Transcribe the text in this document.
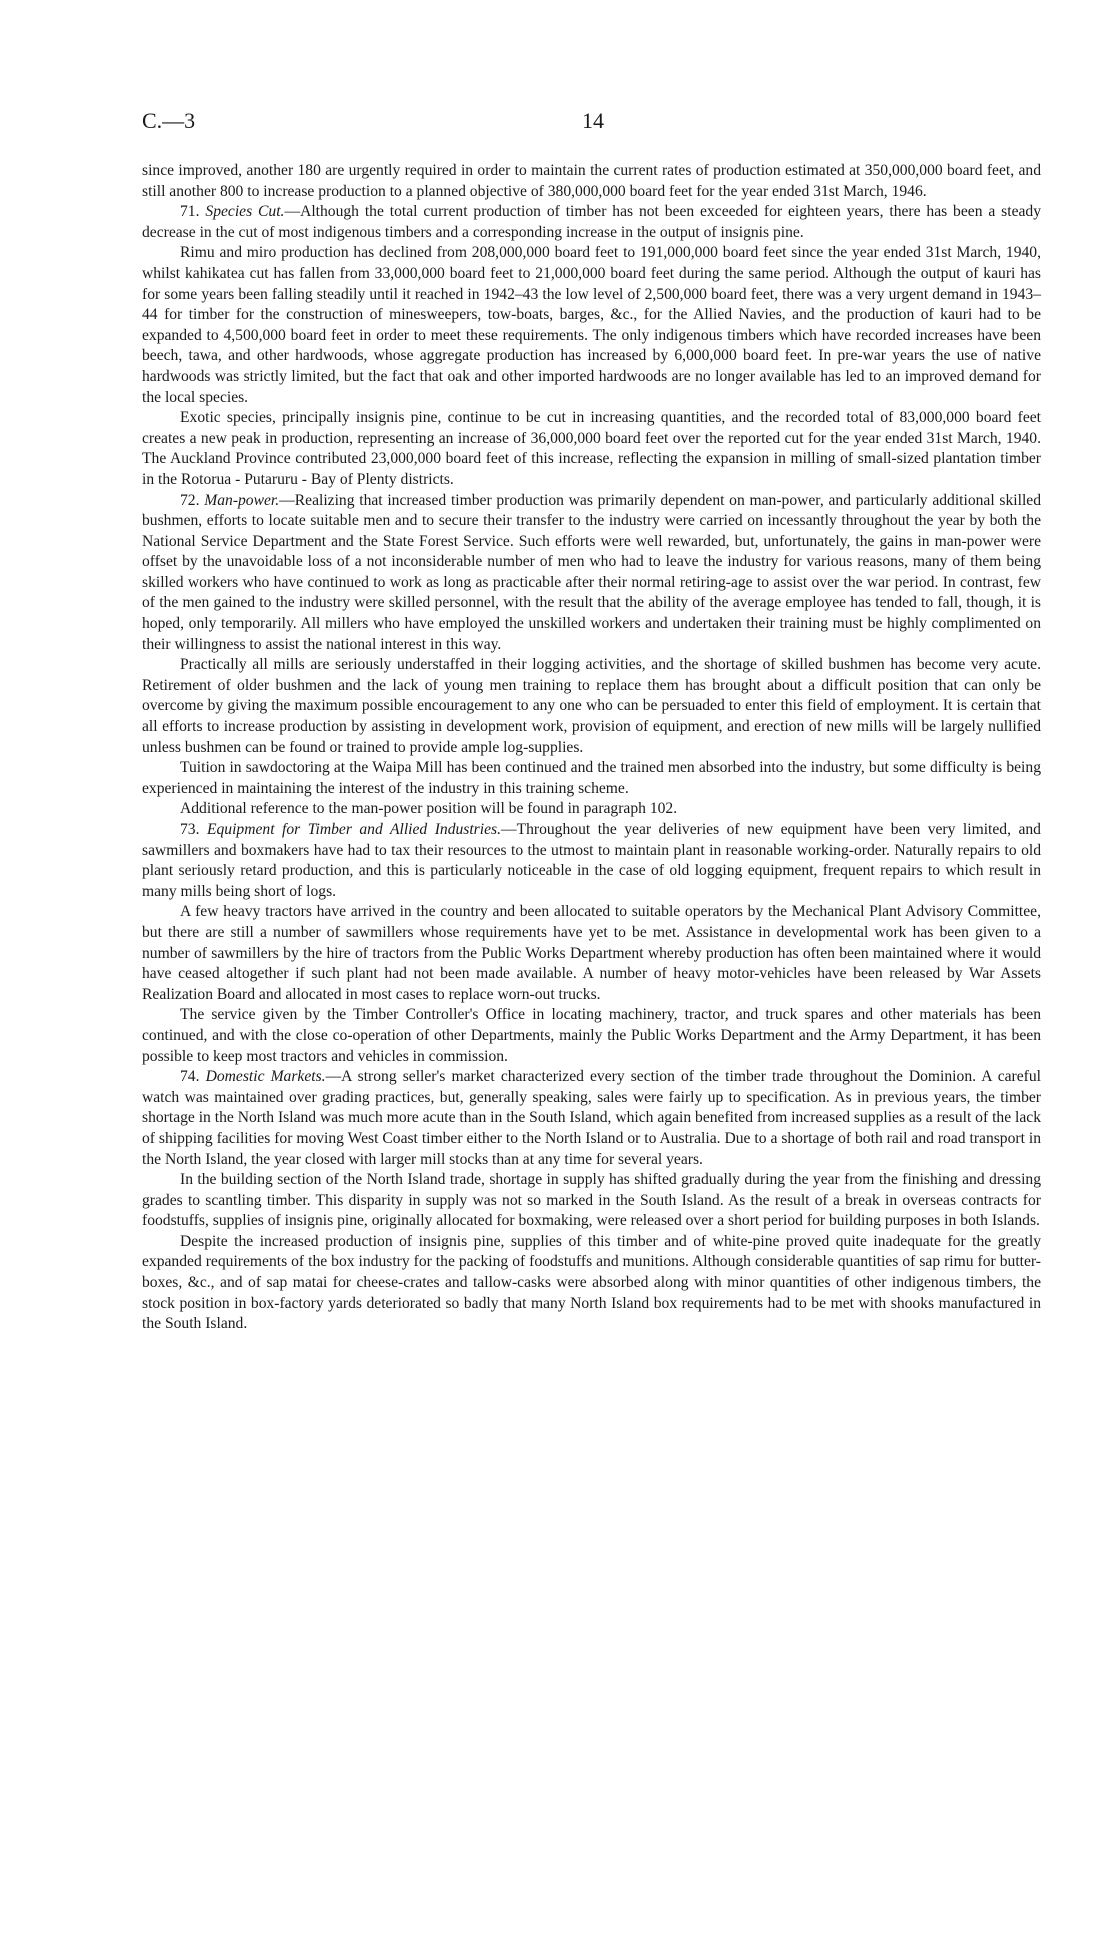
C.—3	14

since improved, another 180 are urgently required in order to maintain the current rates of production estimated at 350,000,000 board feet, and still another 800 to increase production to a planned objective of 380,000,000 board feet for the year ended 31st March, 1946.

71. Species Cut.—Although the total current production of timber has not been exceeded for eighteen years, there has been a steady decrease in the cut of most indigenous timbers and a corresponding increase in the output of insignis pine.

Rimu and miro production has declined from 208,000,000 board feet to 191,000,000 board feet since the year ended 31st March, 1940, whilst kahikatea cut has fallen from 33,000,000 board feet to 21,000,000 board feet during the same period. Although the output of kauri has for some years been falling steadily until it reached in 1942–43 the low level of 2,500,000 board feet, there was a very urgent demand in 1943–44 for timber for the construction of minesweepers, tow-boats, barges, &c., for the Allied Navies, and the production of kauri had to be expanded to 4,500,000 board feet in order to meet these requirements. The only indigenous timbers which have recorded increases have been beech, tawa, and other hardwoods, whose aggregate production has increased by 6,000,000 board feet. In pre-war years the use of native hardwoods was strictly limited, but the fact that oak and other imported hardwoods are no longer available has led to an improved demand for the local species.

Exotic species, principally insignis pine, continue to be cut in increasing quantities, and the recorded total of 83,000,000 board feet creates a new peak in production, representing an increase of 36,000,000 board feet over the reported cut for the year ended 31st March, 1940. The Auckland Province contributed 23,000,000 board feet of this increase, reflecting the expansion in milling of small-sized plantation timber in the Rotorua - Putaruru - Bay of Plenty districts.

72. Man-power.—Realizing that increased timber production was primarily dependent on man-power, and particularly additional skilled bushmen, efforts to locate suitable men and to secure their transfer to the industry were carried on incessantly throughout the year by both the National Service Department and the State Forest Service. Such efforts were well rewarded, but, unfortunately, the gains in man-power were offset by the unavoidable loss of a not inconsiderable number of men who had to leave the industry for various reasons, many of them being skilled workers who have continued to work as long as practicable after their normal retiring-age to assist over the war period. In contrast, few of the men gained to the industry were skilled personnel, with the result that the ability of the average employee has tended to fall, though, it is hoped, only temporarily. All millers who have employed the unskilled workers and undertaken their training must be highly complimented on their willingness to assist the national interest in this way.

Practically all mills are seriously understaffed in their logging activities, and the shortage of skilled bushmen has become very acute. Retirement of older bushmen and the lack of young men training to replace them has brought about a difficult position that can only be overcome by giving the maximum possible encouragement to any one who can be persuaded to enter this field of employment. It is certain that all efforts to increase production by assisting in development work, provision of equipment, and erection of new mills will be largely nullified unless bushmen can be found or trained to provide ample log-supplies.

Tuition in sawdoctoring at the Waipa Mill has been continued and the trained men absorbed into the industry, but some difficulty is being experienced in maintaining the interest of the industry in this training scheme.

Additional reference to the man-power position will be found in paragraph 102.

73. Equipment for Timber and Allied Industries.—Throughout the year deliveries of new equipment have been very limited, and sawmillers and boxmakers have had to tax their resources to the utmost to maintain plant in reasonable working-order. Naturally repairs to old plant seriously retard production, and this is particularly noticeable in the case of old logging equipment, frequent repairs to which result in many mills being short of logs.

A few heavy tractors have arrived in the country and been allocated to suitable operators by the Mechanical Plant Advisory Committee, but there are still a number of sawmillers whose requirements have yet to be met. Assistance in developmental work has been given to a number of sawmillers by the hire of tractors from the Public Works Department whereby production has often been maintained where it would have ceased altogether if such plant had not been made available. A number of heavy motor-vehicles have been released by War Assets Realization Board and allocated in most cases to replace worn-out trucks.

The service given by the Timber Controller's Office in locating machinery, tractor, and truck spares and other materials has been continued, and with the close co-operation of other Departments, mainly the Public Works Department and the Army Department, it has been possible to keep most tractors and vehicles in commission.

74. Domestic Markets.—A strong seller's market characterized every section of the timber trade throughout the Dominion. A careful watch was maintained over grading practices, but, generally speaking, sales were fairly up to specification. As in previous years, the timber shortage in the North Island was much more acute than in the South Island, which again benefited from increased supplies as a result of the lack of shipping facilities for moving West Coast timber either to the North Island or to Australia. Due to a shortage of both rail and road transport in the North Island, the year closed with larger mill stocks than at any time for several years.

In the building section of the North Island trade, shortage in supply has shifted gradually during the year from the finishing and dressing grades to scantling timber. This disparity in supply was not so marked in the South Island. As the result of a break in overseas contracts for foodstuffs, supplies of insignis pine, originally allocated for boxmaking, were released over a short period for building purposes in both Islands.

Despite the increased production of insignis pine, supplies of this timber and of white-pine proved quite inadequate for the greatly expanded requirements of the box industry for the packing of foodstuffs and munitions. Although considerable quantities of sap rimu for butter-boxes, &c., and of sap matai for cheese-crates and tallow-casks were absorbed along with minor quantities of other indigenous timbers, the stock position in box-factory yards deteriorated so badly that many North Island box requirements had to be met with shooks manufactured in the South Island.
